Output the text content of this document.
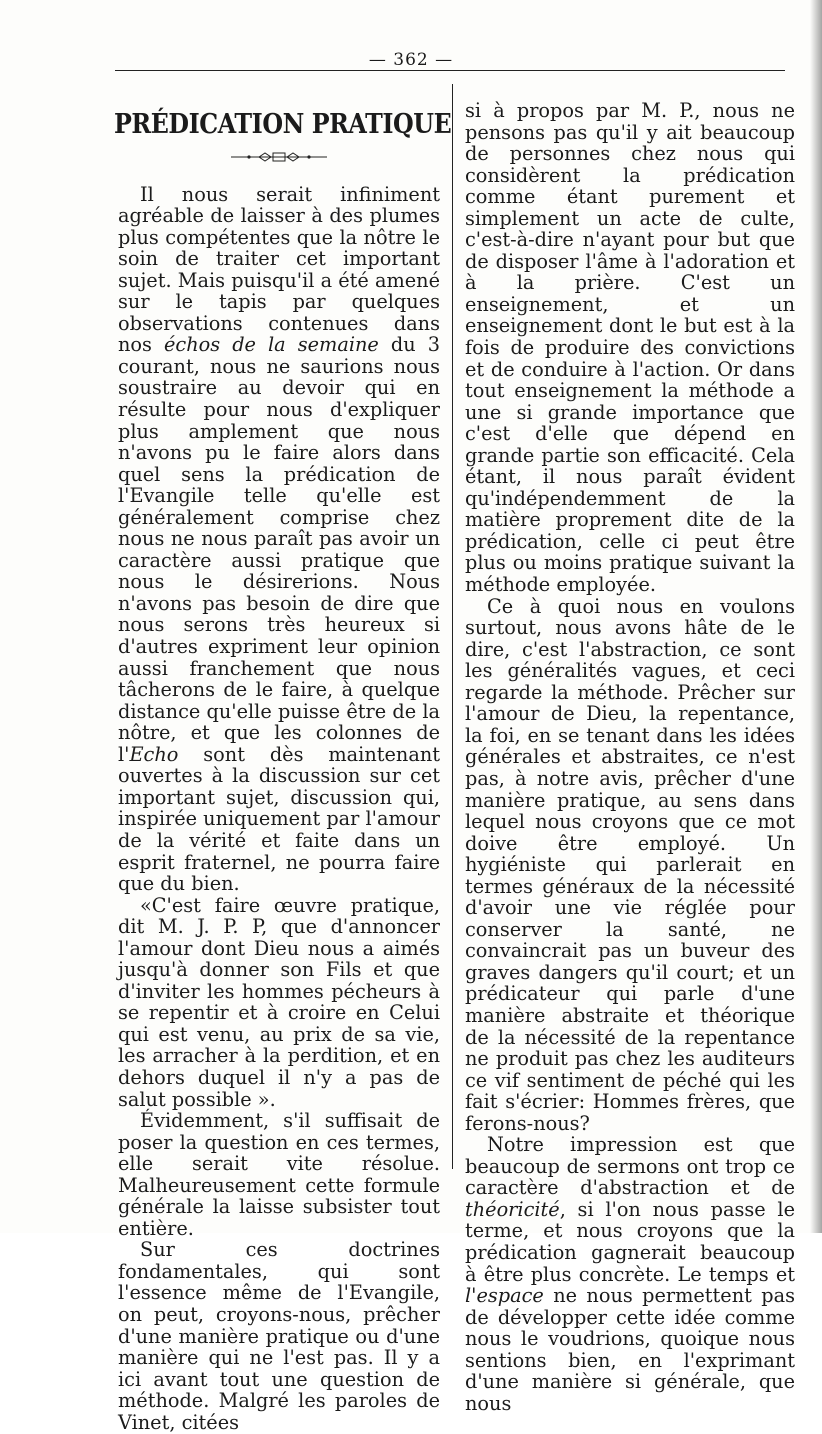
— 362 —
PRÉDICATION PRATIQUE

Il nous serait infiniment agréable de laisser à des plumes plus compétentes que la nôtre le soin de traiter cet important sujet. Mais puisqu'il a été amené sur le tapis par quelques observations contenues dans nos échos de la semaine du 3 courant, nous ne saurions nous soustraire au devoir qui en résulte pour nous d'expliquer plus amplement que nous n'avons pu le faire alors dans quel sens la prédication de l'Evangile telle qu'elle est généralement comprise chez nous ne nous paraît pas avoir un caractère aussi pratique que nous le désirerions. Nous n'avons pas besoin de dire que nous serons très heureux si d'autres expriment leur opinion aussi franchement que nous tâcherons de le faire, à quelque distance qu'elle puisse être de la nôtre, et que les colonnes de l'Echo sont dès maintenant ouvertes à la discussion sur cet important sujet, discussion qui, inspirée uniquement par l'amour de la vérité et faite dans un esprit fraternel, ne pourra faire que du bien.

«C'est faire œuvre pratique, dit M. J. P. P, que d'annoncer l'amour dont Dieu nous a aimés jusqu'à donner son Fils et que d'inviter les hommes pécheurs à se repentir et à croire en Celui qui est venu, au prix de sa vie, les arracher à la perdition, et en dehors duquel il n'y a pas de salut possible ».

Évidemment, s'il suffisait de poser la question en ces termes, elle serait vite résolue. Malheureusement cette formule générale la laisse subsister tout entière.

Sur ces doctrines fondamentales, qui sont l'essence même de l'Evangile, on peut, croyons-nous, prêcher d'une manière pratique ou d'une manière qui ne l'est pas. Il y a ici avant tout une question de méthode. Malgré les paroles de Vinet, citées

si à propos par M. P., nous ne pensons pas qu'il y ait beaucoup de personnes chez nous qui considèrent la prédication comme étant purement et simplement un acte de culte, c'est-à-dire n'ayant pour but que de disposer l'âme à l'adoration et à la prière. C'est un enseignement, et un enseignement dont le but est à la fois de produire des convictions et de conduire à l'action. Or dans tout enseignement la méthode a une si grande importance que c'est d'elle que dépend en grande partie son efficacité. Cela étant, il nous paraît évident qu'indépendemment de la matière proprement dite de la prédication, celle ci peut être plus ou moins pratique suivant la méthode employée.

Ce à quoi nous en voulons surtout, nous avons hâte de le dire, c'est l'abstraction, ce sont les généralités vagues, et ceci regarde la méthode. Prêcher sur l'amour de Dieu, la repentance, la foi, en se tenant dans les idées générales et abstraites, ce n'est pas, à notre avis, prêcher d'une manière pratique, au sens dans lequel nous croyons que ce mot doive être employé. Un hygiéniste qui parlerait en termes généraux de la nécessité d'avoir une vie réglée pour conserver la santé, ne convaincrait pas un buveur des graves dangers qu'il court; et un prédicateur qui parle d'une manière abstraite et théorique de la nécessité de la repentance ne produit pas chez les auditeurs ce vif sentiment de péché qui les fait s'écrier: Hommes frères, que ferons-nous?

Notre impression est que beaucoup de sermons ont trop ce caractère d'abstraction et de théoricité, si l'on nous passe le terme, et nous croyons que la prédication gagnerait beaucoup à être plus concrète. Le temps et l'espace ne nous permettent pas de développer cette idée comme nous le voudrions, quoique nous sentions bien, en l'exprimant d'une manière si générale, que nous
